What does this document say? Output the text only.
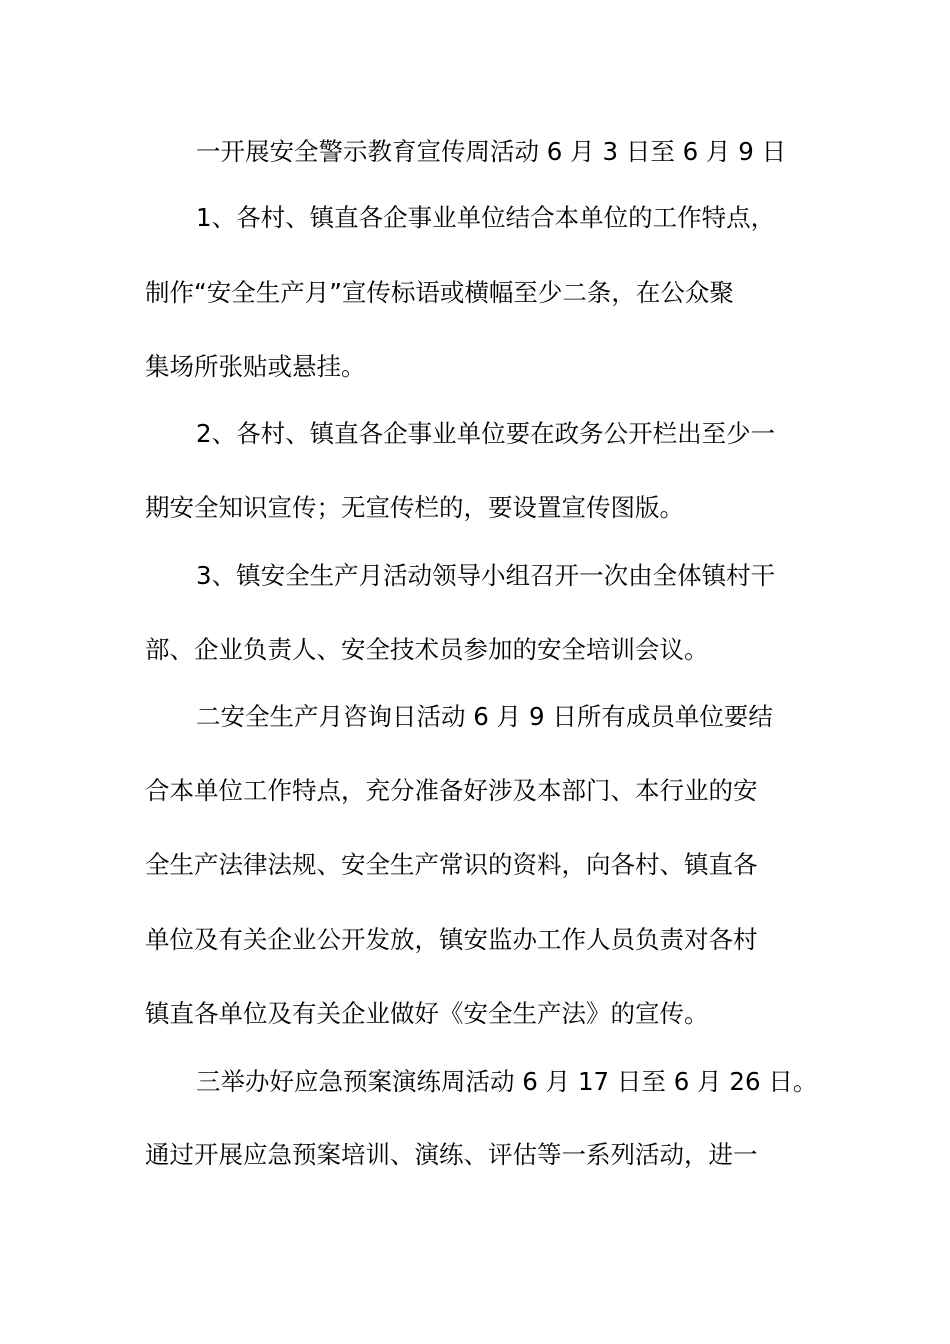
一开展安全警示教育宣传周活动 6 月 3 日至 6 月 9 日
1、各村、镇直各企事业单位结合本单位的工作特点，
制作“安全生产月”宣传标语或横幅至少二条，在公众聚
集场所张贴或悬挂。
2、各村、镇直各企事业单位要在政务公开栏出至少一
期安全知识宣传；无宣传栏的，要设置宣传图版。
3、镇安全生产月活动领导小组召开一次由全体镇村干
部、企业负责人、安全技术员参加的安全培训会议。
二安全生产月咨询日活动 6 月 9 日所有成员单位要结
合本单位工作特点，充分准备好涉及本部门、本行业的安
全生产法律法规、安全生产常识的资料，向各村、镇直各
单位及有关企业公开发放，镇安监办工作人员负责对各村
镇直各单位及有关企业做好《安全生产法》的宣传。
三举办好应急预案演练周活动 6 月 17 日至 6 月 26 日。
通过开展应急预案培训、演练、评估等一系列活动，进一
